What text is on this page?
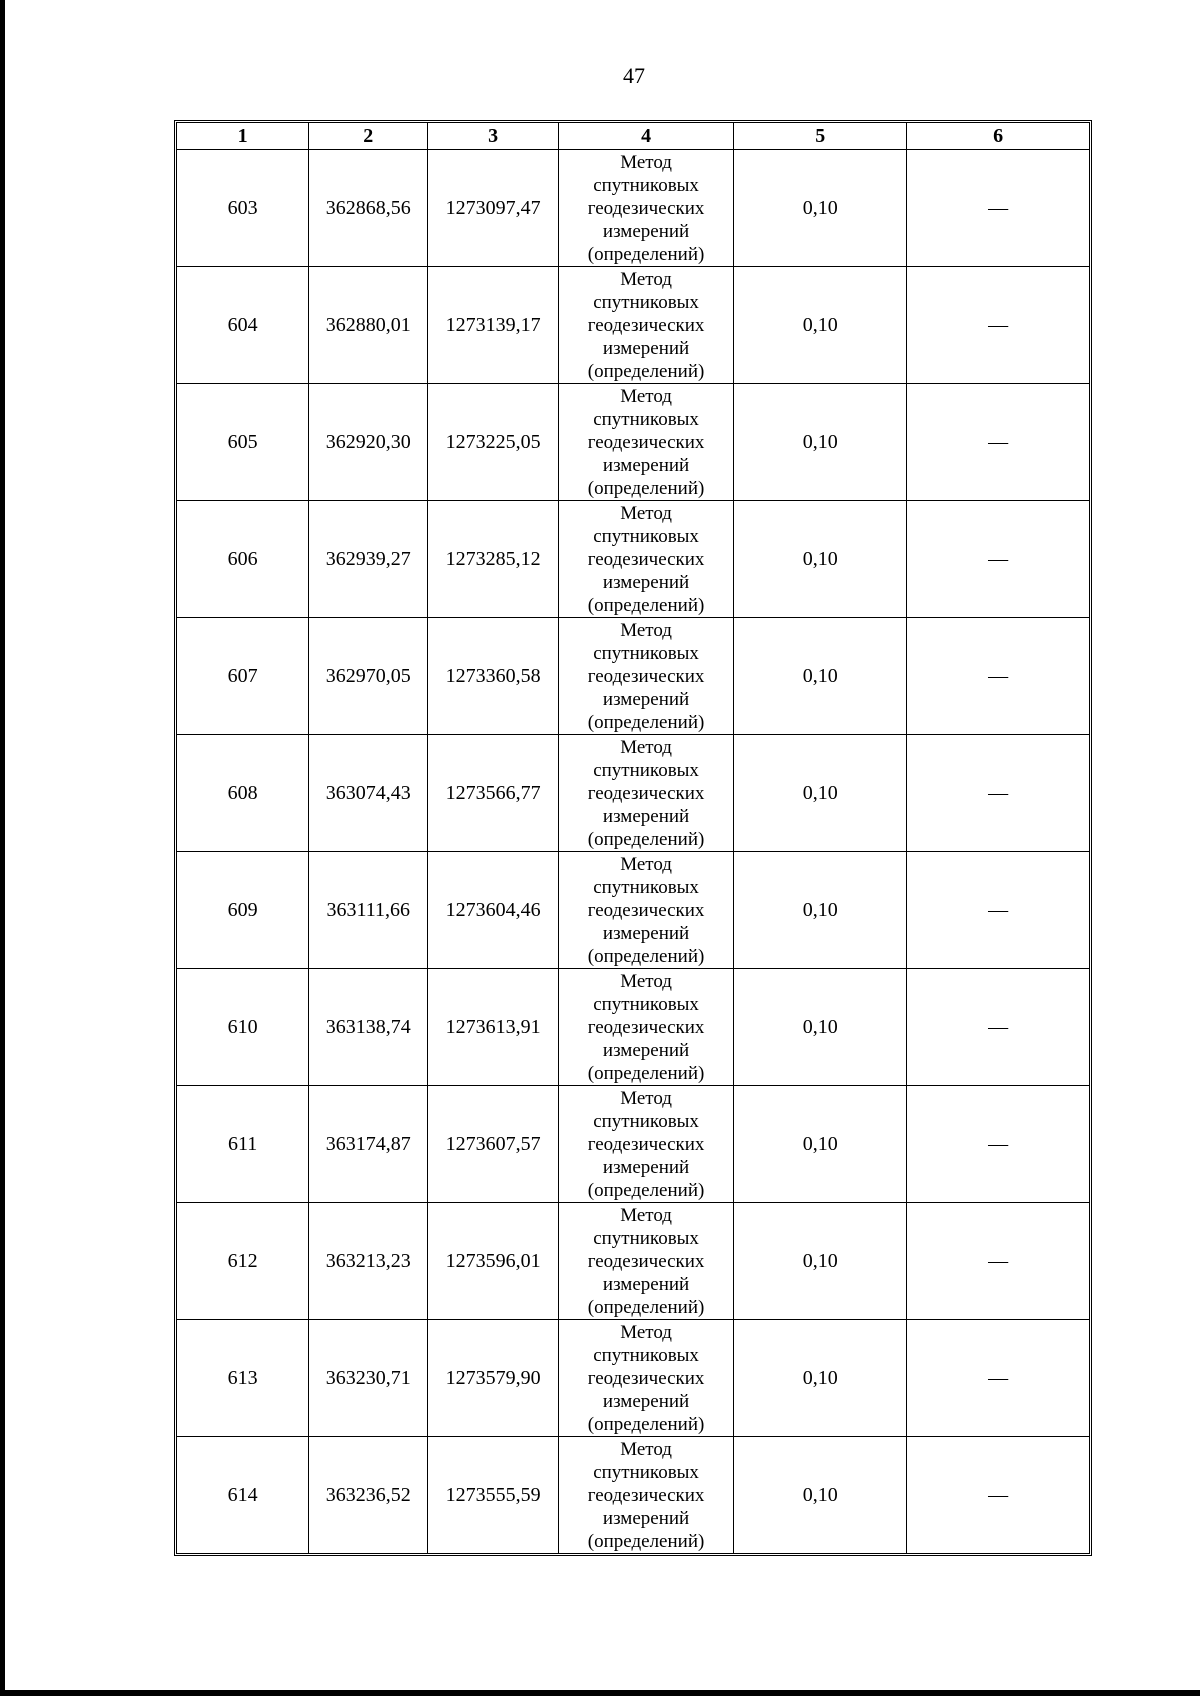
47
1	2	3	4	5	6
603	362868,56	1273097,47	Метод
спутниковых
геодезических
измерений
(определений)	0,10	—
604	362880,01	1273139,17	Метод
спутниковых
геодезических
измерений
(определений)	0,10	—
605	362920,30	1273225,05	Метод
спутниковых
геодезических
измерений
(определений)	0,10	—
606	362939,27	1273285,12	Метод
спутниковых
геодезических
измерений
(определений)	0,10	—
607	362970,05	1273360,58	Метод
спутниковых
геодезических
измерений
(определений)	0,10	—
608	363074,43	1273566,77	Метод
спутниковых
геодезических
измерений
(определений)	0,10	—
609	363111,66	1273604,46	Метод
спутниковых
геодезических
измерений
(определений)	0,10	—
610	363138,74	1273613,91	Метод
спутниковых
геодезических
измерений
(определений)	0,10	—
611	363174,87	1273607,57	Метод
спутниковых
геодезических
измерений
(определений)	0,10	—
612	363213,23	1273596,01	Метод
спутниковых
геодезических
измерений
(определений)	0,10	—
613	363230,71	1273579,90	Метод
спутниковых
геодезических
измерений
(определений)	0,10	—
614	363236,52	1273555,59	Метод
спутниковых
геодезических
измерений
(определений)	0,10	—
